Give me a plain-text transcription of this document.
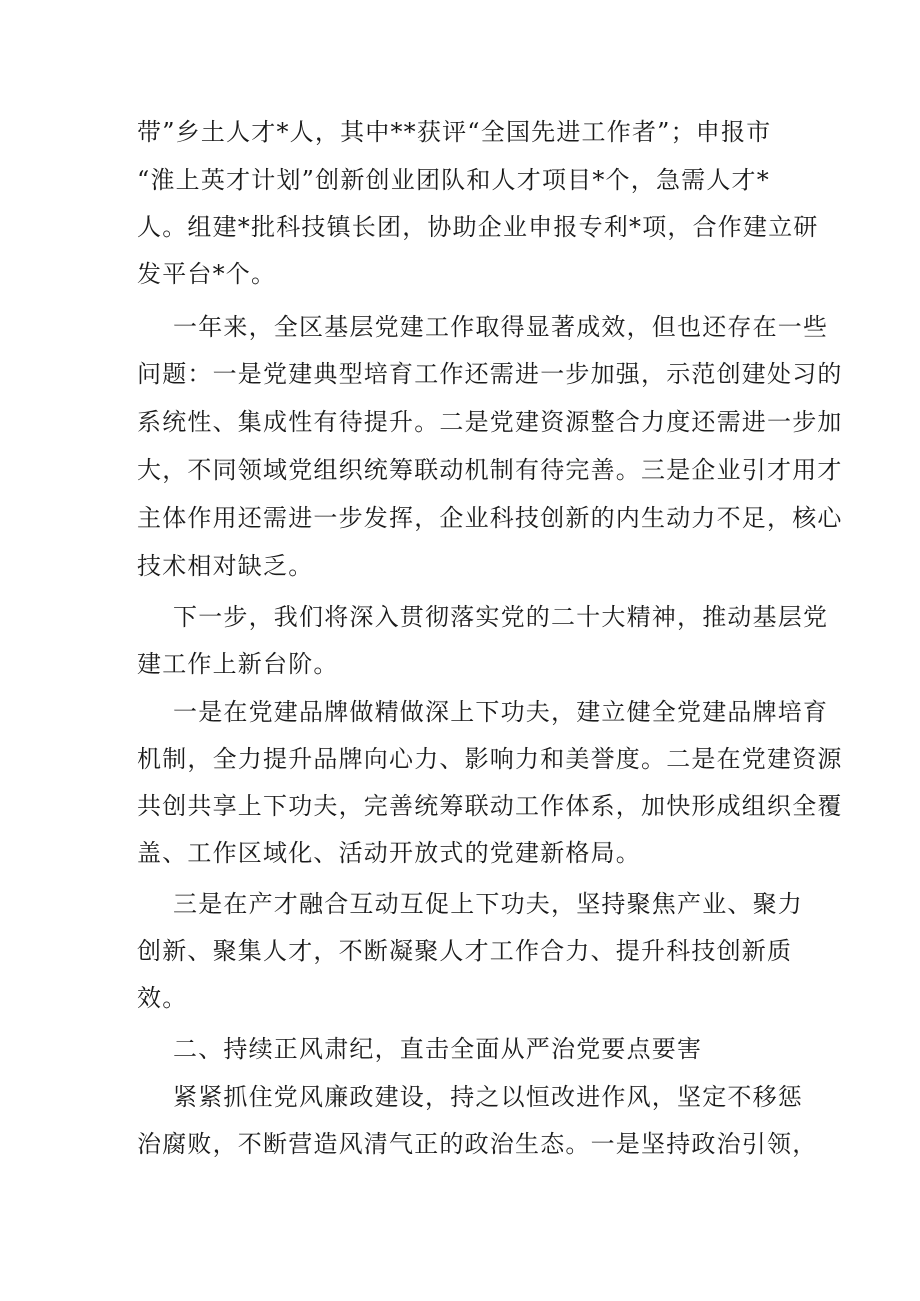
带”乡土人才*人，其中**获评“全国先进工作者”；申报市
“淮上英才计划”创新创业团队和人才项目*个，急需人才*
人。组建*批科技镇长团，协助企业申报专利*项，合作建立研
发平台*个。
一年来，全区基层党建工作取得显著成效，但也还存在一些
问题：一是党建典型培育工作还需进一步加强，示范创建处习的
系统性、集成性有待提升。二是党建资源整合力度还需进一步加
大，不同领域党组织统筹联动机制有待完善。三是企业引才用才
主体作用还需进一步发挥，企业科技创新的内生动力不足，核心
技术相对缺乏。
下一步，我们将深入贯彻落实党的二十大精神，推动基层党
建工作上新台阶。
一是在党建品牌做精做深上下功夫，建立健全党建品牌培育
机制，全力提升品牌向心力、影响力和美誉度。二是在党建资源
共创共享上下功夫，完善统筹联动工作体系，加快形成组织全覆
盖、工作区域化、活动开放式的党建新格局。
三是在产才融合互动互促上下功夫，坚持聚焦产业、聚力
创新、聚集人才，不断凝聚人才工作合力、提升科技创新质
效。
二、持续正风肃纪，直击全面从严治党要点要害
紧紧抓住党风廉政建设，持之以恒改进作风，坚定不移惩
治腐败，不断营造风清气正的政治生态。一是坚持政治引领，
